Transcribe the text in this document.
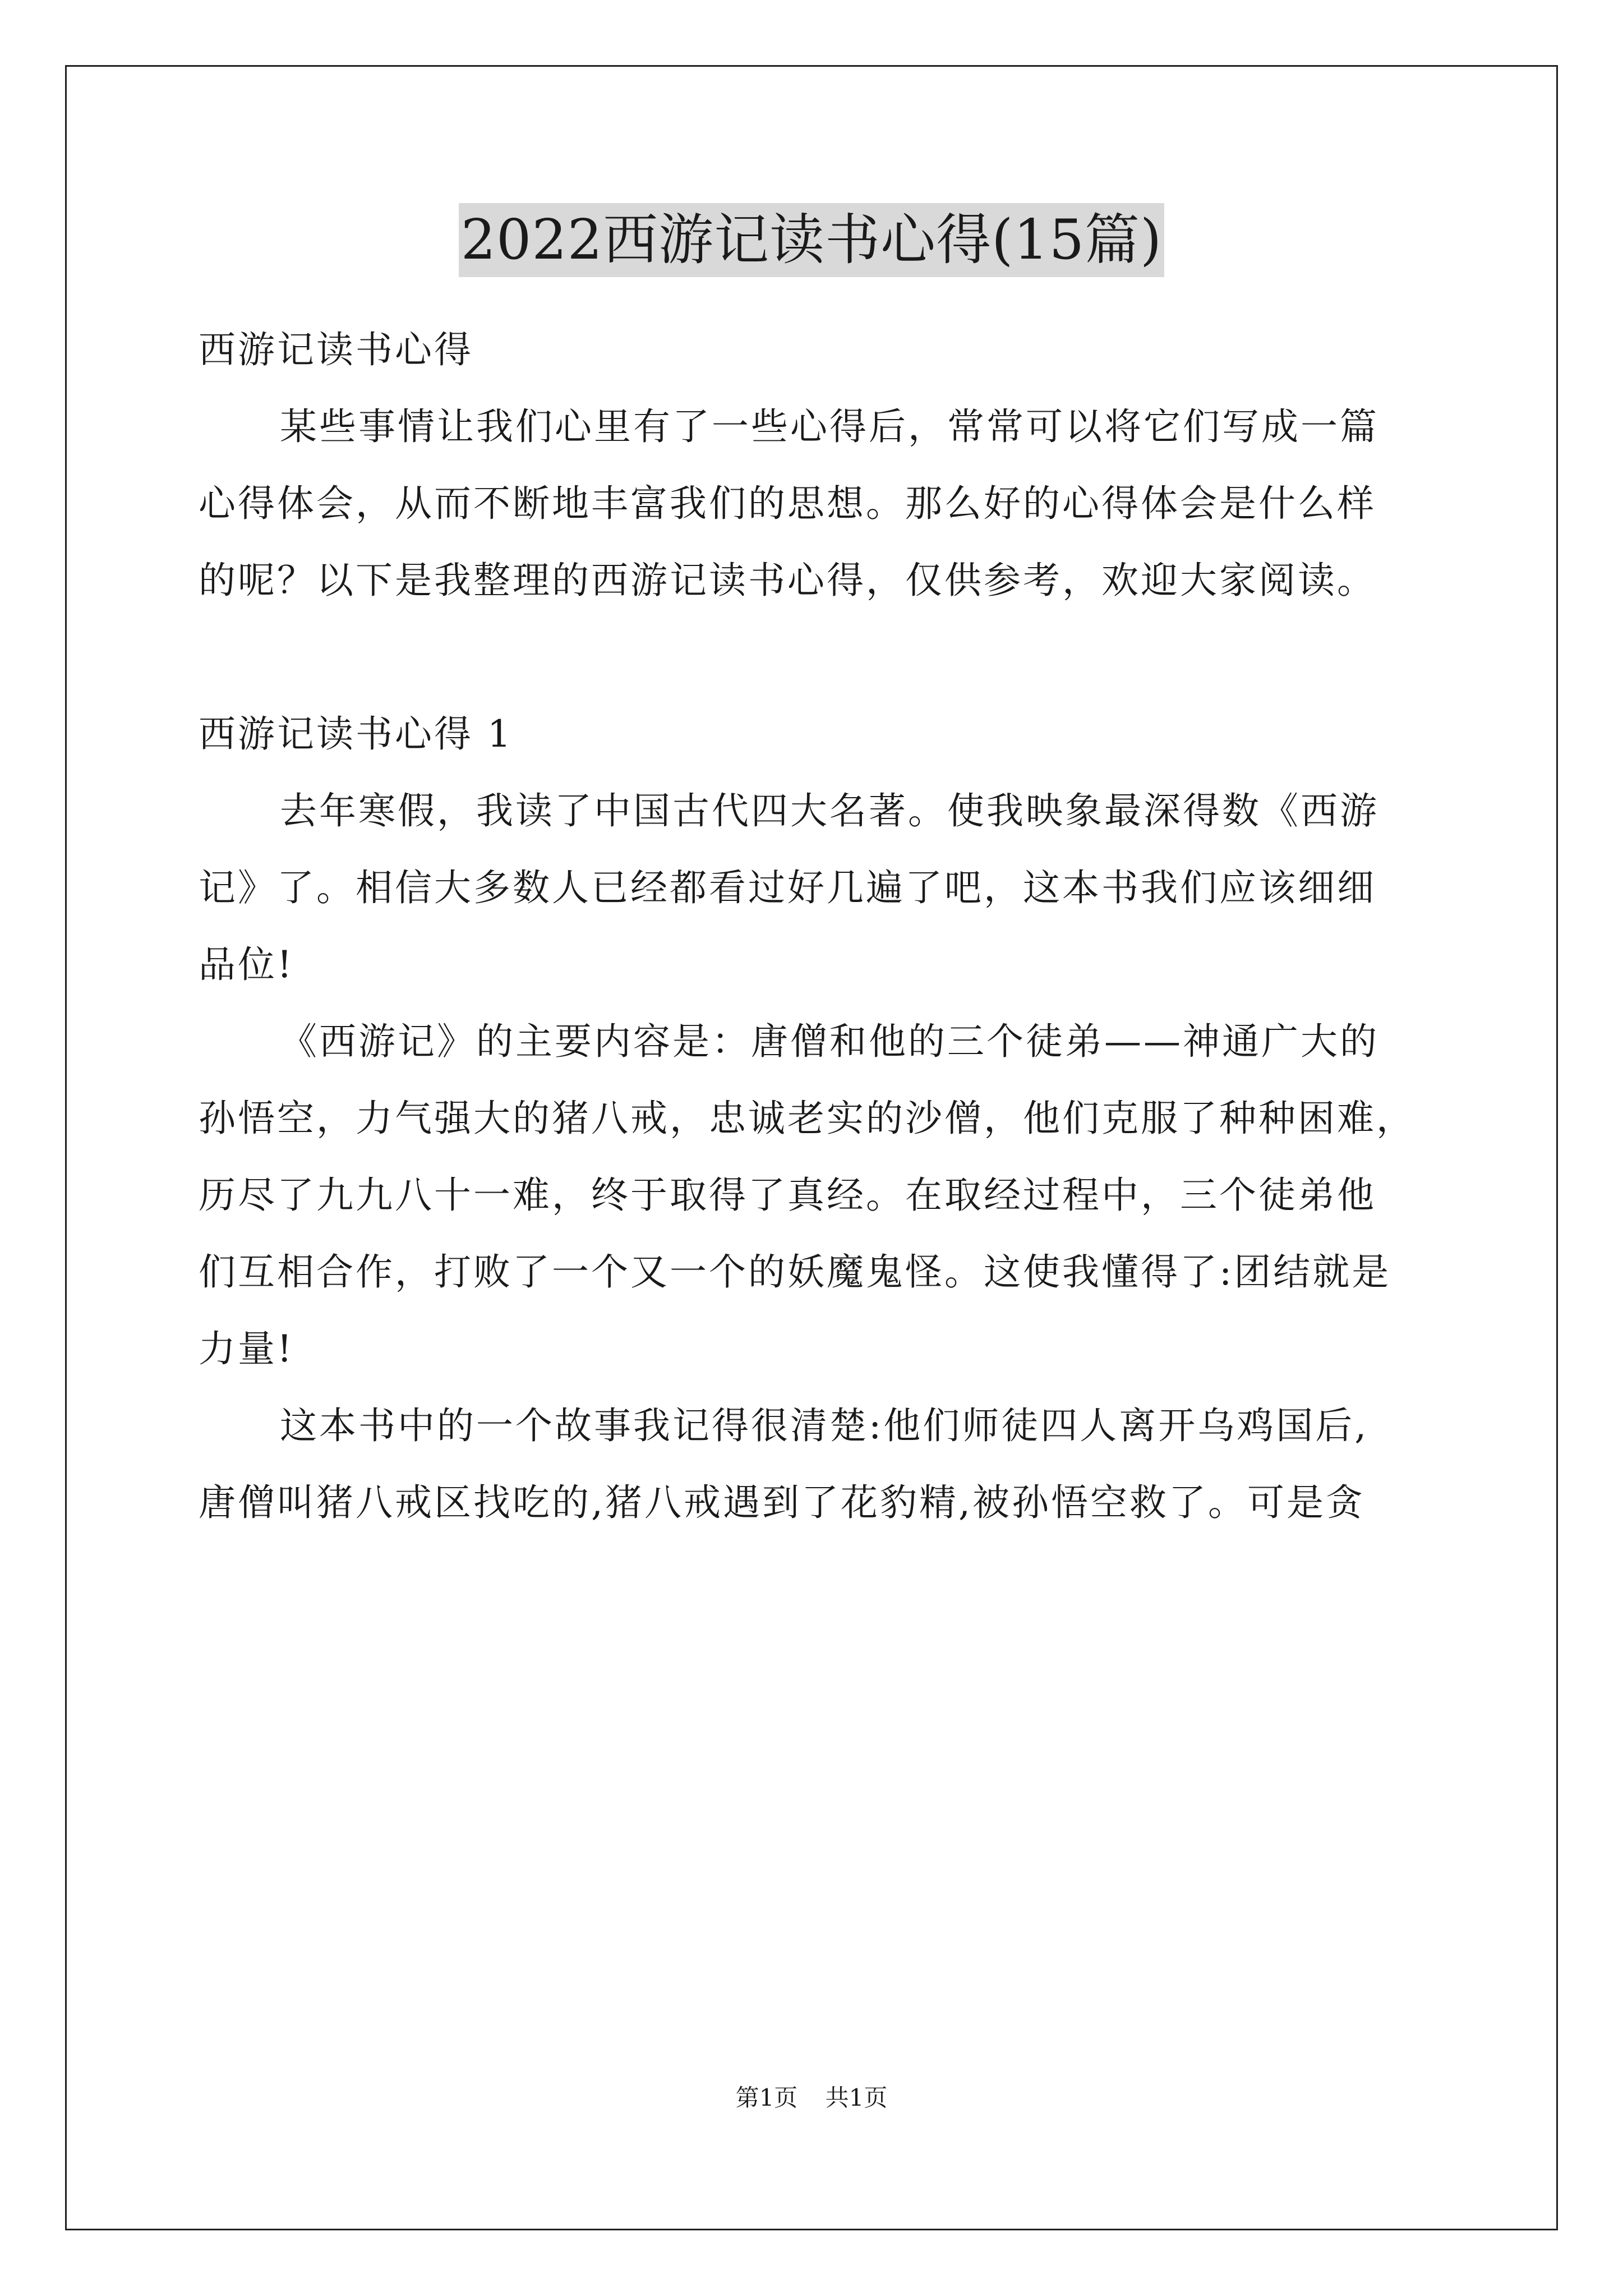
2022西游记读书心得(15篇)
西游记读书心得
某些事情让我们心里有了一些心得后，常常可以将它们写成一篇
心得体会，从而不断地丰富我们的思想。那么好的心得体会是什么样
的呢？以下是我整理的西游记读书心得，仅供参考，欢迎大家阅读。
西游记读书心得 1
去年寒假，我读了中国古代四大名著。使我映象最深得数《西游
记》了。相信大多数人已经都看过好几遍了吧，这本书我们应该细细
品位!
《西游记》的主要内容是：唐僧和他的三个徒弟——神通广大的
孙悟空，力气强大的猪八戒，忠诚老实的沙僧，他们克服了种种困难，
历尽了九九八十一难，终于取得了真经。在取经过程中，三个徒弟他
们互相合作，打败了一个又一个的妖魔鬼怪。这使我懂得了:团结就是
力量!
这本书中的一个故事我记得很清楚:他们师徒四人离开乌鸡国后,
唐僧叫猪八戒区找吃的,猪八戒遇到了花豹精,被孙悟空救了。可是贪
第1页 共1页
